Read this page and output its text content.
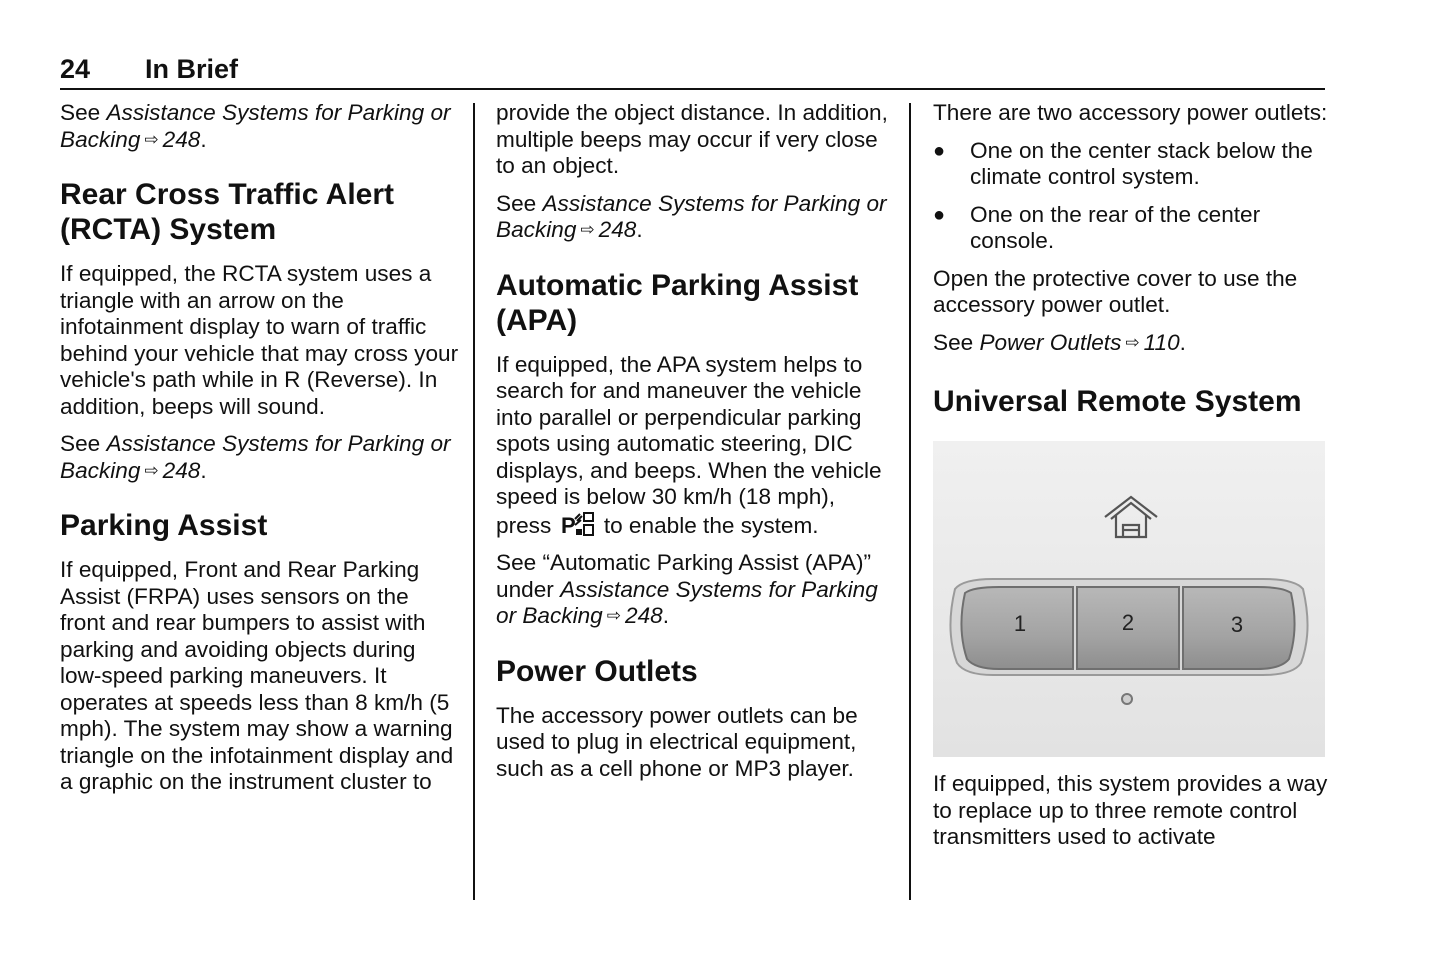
24 In Brief

See Assistance Systems for Parking or Backing ⇨ 248.

Rear Cross Traffic Alert (RCTA) System

If equipped, the RCTA system uses a triangle with an arrow on the infotainment display to warn of traffic behind your vehicle that may cross your vehicle's path while in R (Reverse). In addition, beeps will sound.

See Assistance Systems for Parking or Backing ⇨ 248.

Parking Assist

If equipped, Front and Rear Parking Assist (FRPA) uses sensors on the front and rear bumpers to assist with parking and avoiding objects during low-speed parking maneuvers. It operates at speeds less than 8 km/h (5 mph). The system may show a warning triangle on the infotainment display and a graphic on the instrument cluster to

provide the object distance. In addition, multiple beeps may occur if very close to an object.

See Assistance Systems for Parking or Backing ⇨ 248.

Automatic Parking Assist (APA)

If equipped, the APA system helps to search for and maneuver the vehicle into parallel or perpendicular parking spots using automatic steering, DIC displays, and beeps. When the vehicle speed is below 30 km/h (18 mph), press P to enable the system.

See “Automatic Parking Assist (APA)” under Assistance Systems for Parking or Backing ⇨ 248.

Power Outlets

The accessory power outlets can be used to plug in electrical equipment, such as a cell phone or MP3 player.

There are two accessory power outlets:

● One on the center stack below the climate control system.
● One on the rear of the center console.

Open the protective cover to use the accessory power outlet.

See Power Outlets ⇨ 110.

Universal Remote System
1	2	3

If equipped, this system provides a way to replace up to three remote control transmitters used to activate
